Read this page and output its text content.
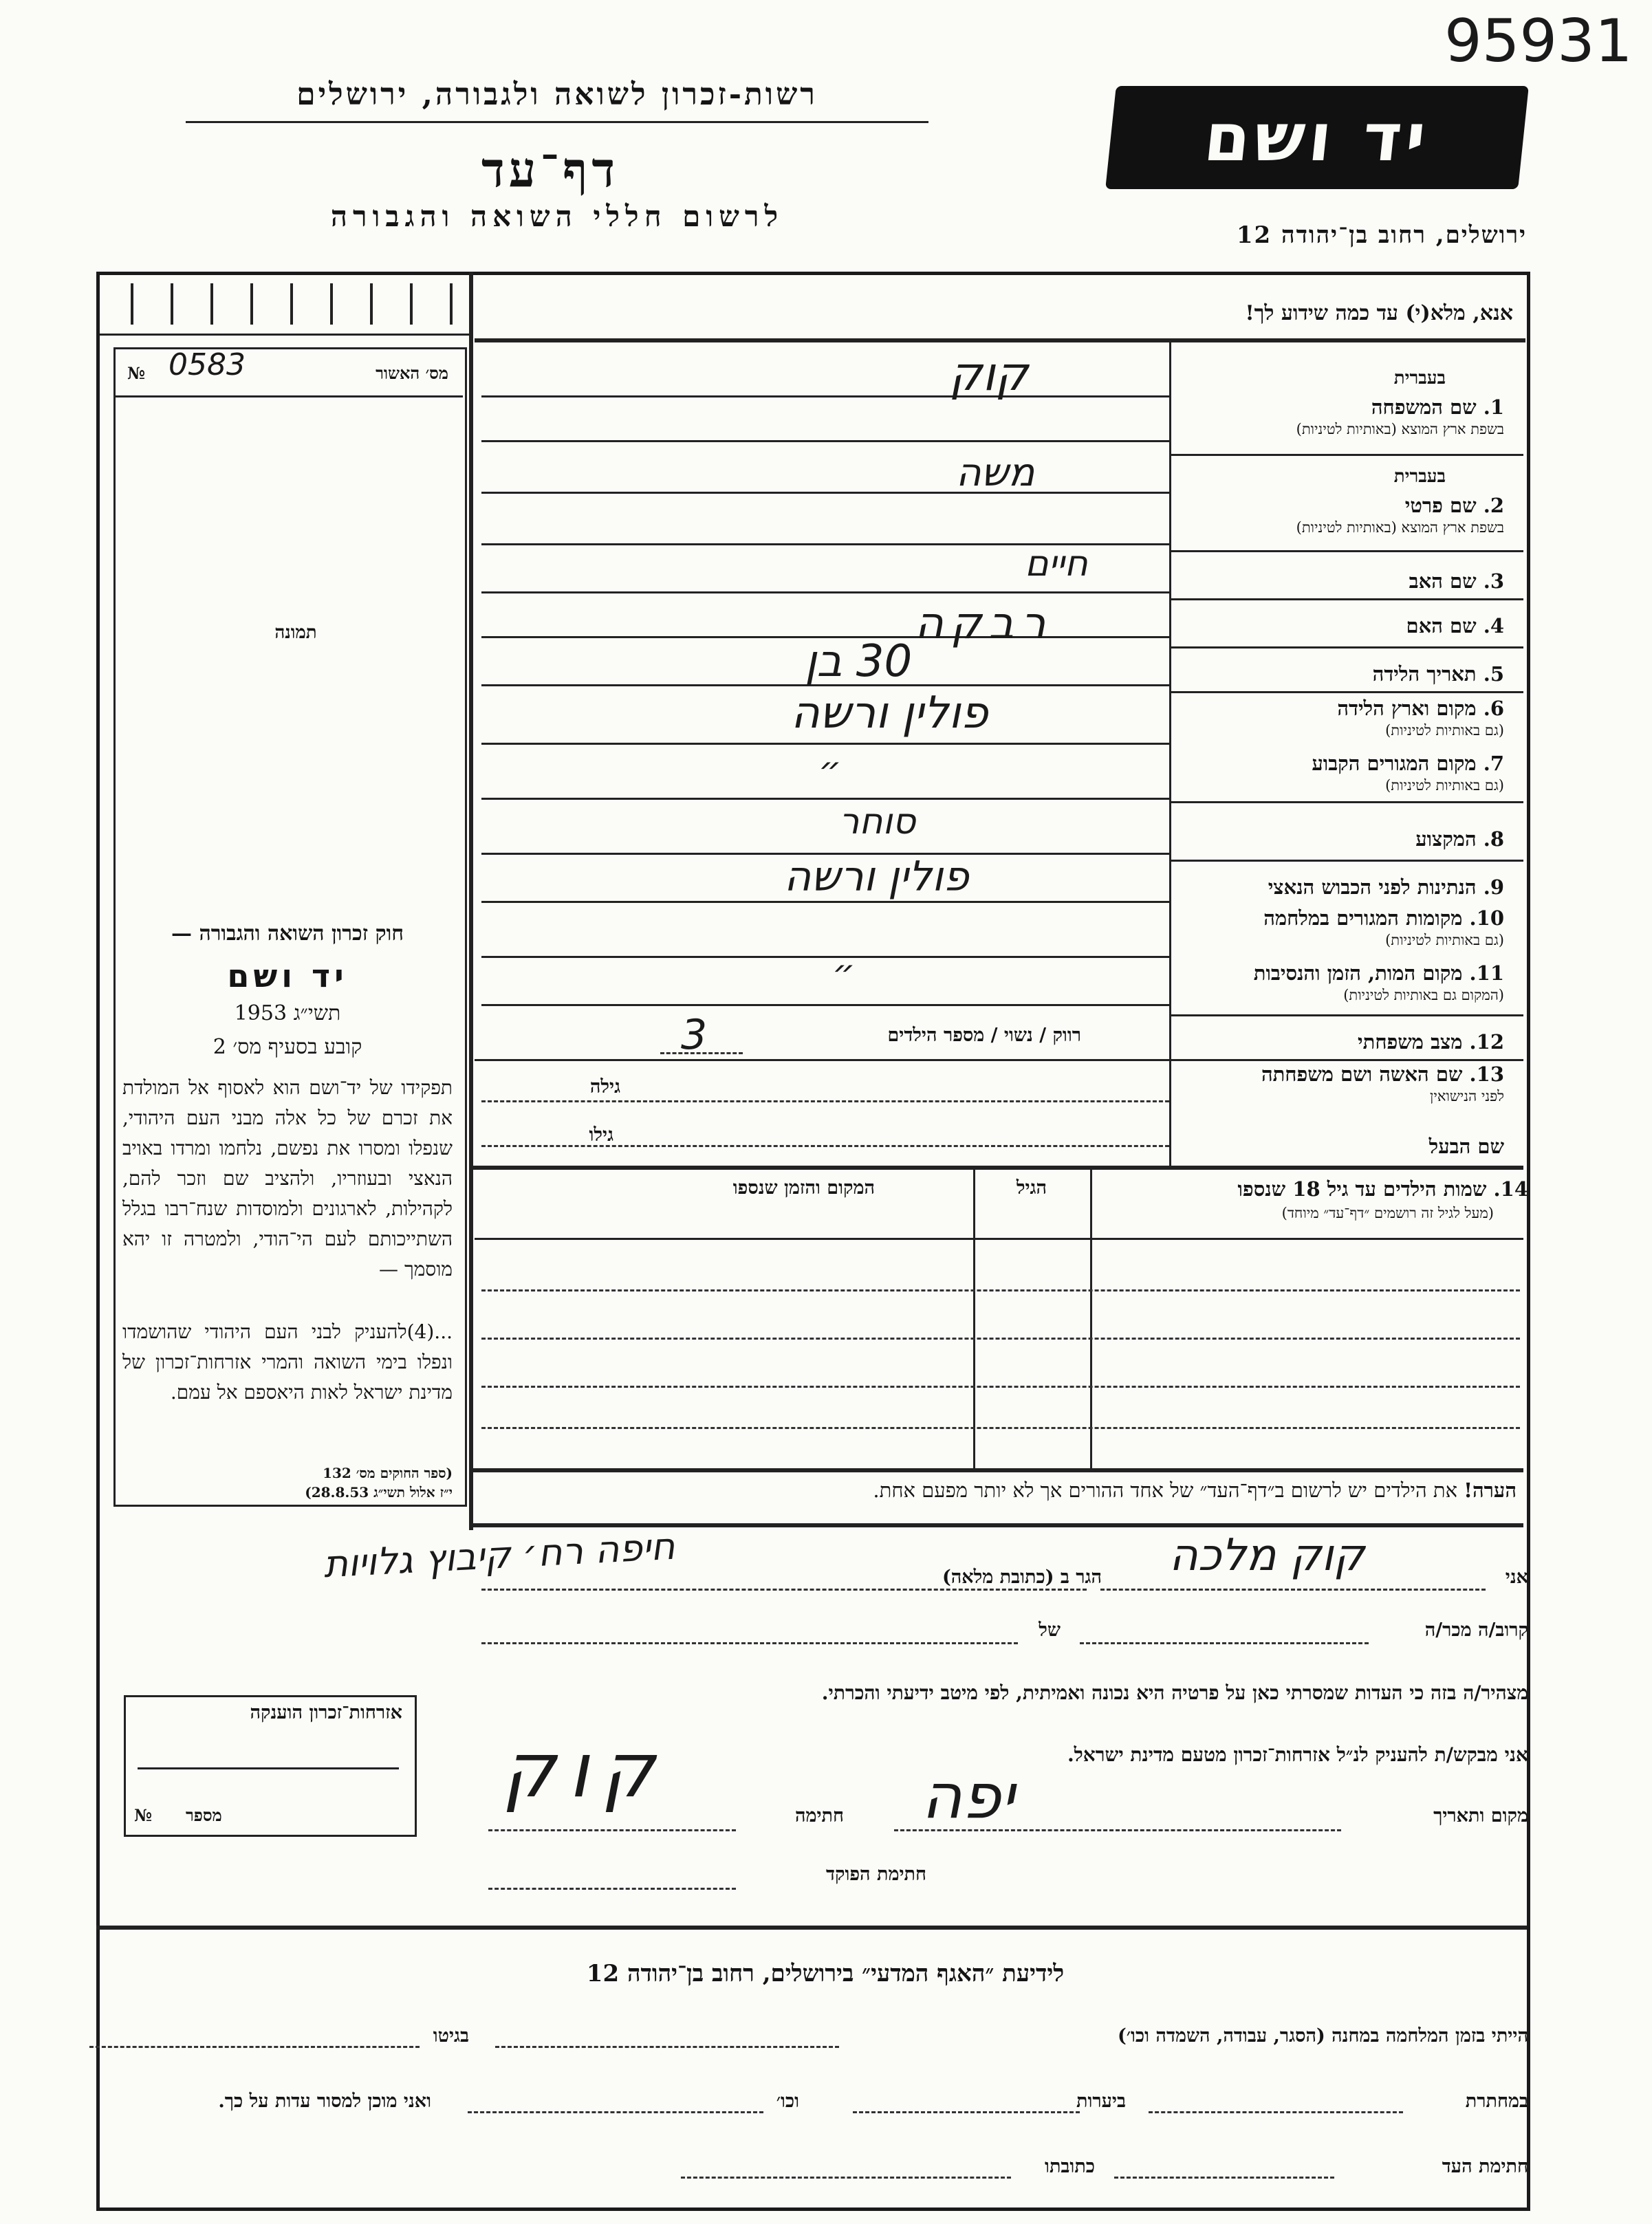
95931
רשות-זכרון לשואה ולגבורה, ירושלים
דף־עד
לרשום חללי השואה והגבורה
יד ושם
ירושלים, רחוב בן־יהודה 12
מס׳ האשור
№ 0583
תמונה
חוק זכרון השואה והגבורה —
יד ושם
תשי״ג 1953
קובע בסעיף מס׳ 2
תפקידו של יד־ושם הוא לאסוף אל המולדת את זכרם של כל אלה מבני העם היהודי, שנפלו ומסרו את נפשם, נלחמו ומרדו באויב הנאצי ובעוזריו, ולהציב שם וזכר להם, לקהילות, לארגונים ולמוסדות שנח־רבו בגלל השתייכותם לעם הי־הודי, ולמטרה זו יהא מוסמך —
...(4)להעניק לבני העם היהודי שהושמדו ונפלו בימי השואה והמרי אזרחות־זכרון של מדינת ישראל לאות היאספם אל עמם.
(ספר החוקים מס׳ 132
י״ז אלול תשי״ג 28.8.53)
אנא, מלא(י) עד כמה שידוע לך!
בעברית
1. שם המשפחה
בשפת ארץ המוצא (באותיות לטיניות)
בעברית
2. שם פרטי
בשפת ארץ המוצא (באותיות לטיניות)
3. שם האב
4. שם האם
5. תאריך הלידה
6. מקום וארץ הלידה
(גם באותיות לטיניות)
7. מקום המגורים הקבוע
(גם באותיות לטיניות)
8. המקצוע
9. הנתינות לפני הכבוש הנאצי
10. מקומות המגורים במלחמה
(גם באותיות לטיניות)
11. מקום המות, הזמן והנסיבות
(המקום גם באותיות לטיניות)
12. מצב משפחתי
13. שם האשה ושם משפחתה
לפני הנישואין
שם הבעל
קוק
משה
חיים
רבקה
30 בן
פולין ורשה
״
סוחר
פולין ורשה
״
רווק / נשוי / מספר הילדים
3
גילה
גילו
14. שמות הילדים עד גיל 18 שנספו
(מעל לגיל זה רושמים ״דף־עד״ מיוחד)
הגיל
המקום והזמן שנספו
הערה! את הילדים יש לרשום ב״דף־העד״ של אחד ההורים אך לא יותר מפעם אחת.
אני
קוק מלכה
הגר ב (כתובת מלאה)
חיפה רח׳ קיבוץ גלויות
קרוב/ה מכר/ה
של
מצהיר/ה בזה כי העדות שמסרתי כאן על פרטיה היא נכונה ואמיתית, לפי מיטב ידיעתי והכרתי.
אני מבקש/ת להעניק לנ״ל אזרחות־זכרון מטעם מדינת ישראל.
מקום ותאריך
יפה
חתימה
קוק
חתימת הפוקד
אזרחות־זכרון הוענקה
מספר
№
לידיעת ״האגף המדעי״ בירושלים, רחוב בן־יהודה 12
הייתי בזמן המלחמה במחנה (הסגר, עבודה, השמדה וכו׳)
בגיטו
במחתרת
ביערות
וכו׳
ואני מוכן למסור עדות על כך.
חתימת העד
כתובתו
